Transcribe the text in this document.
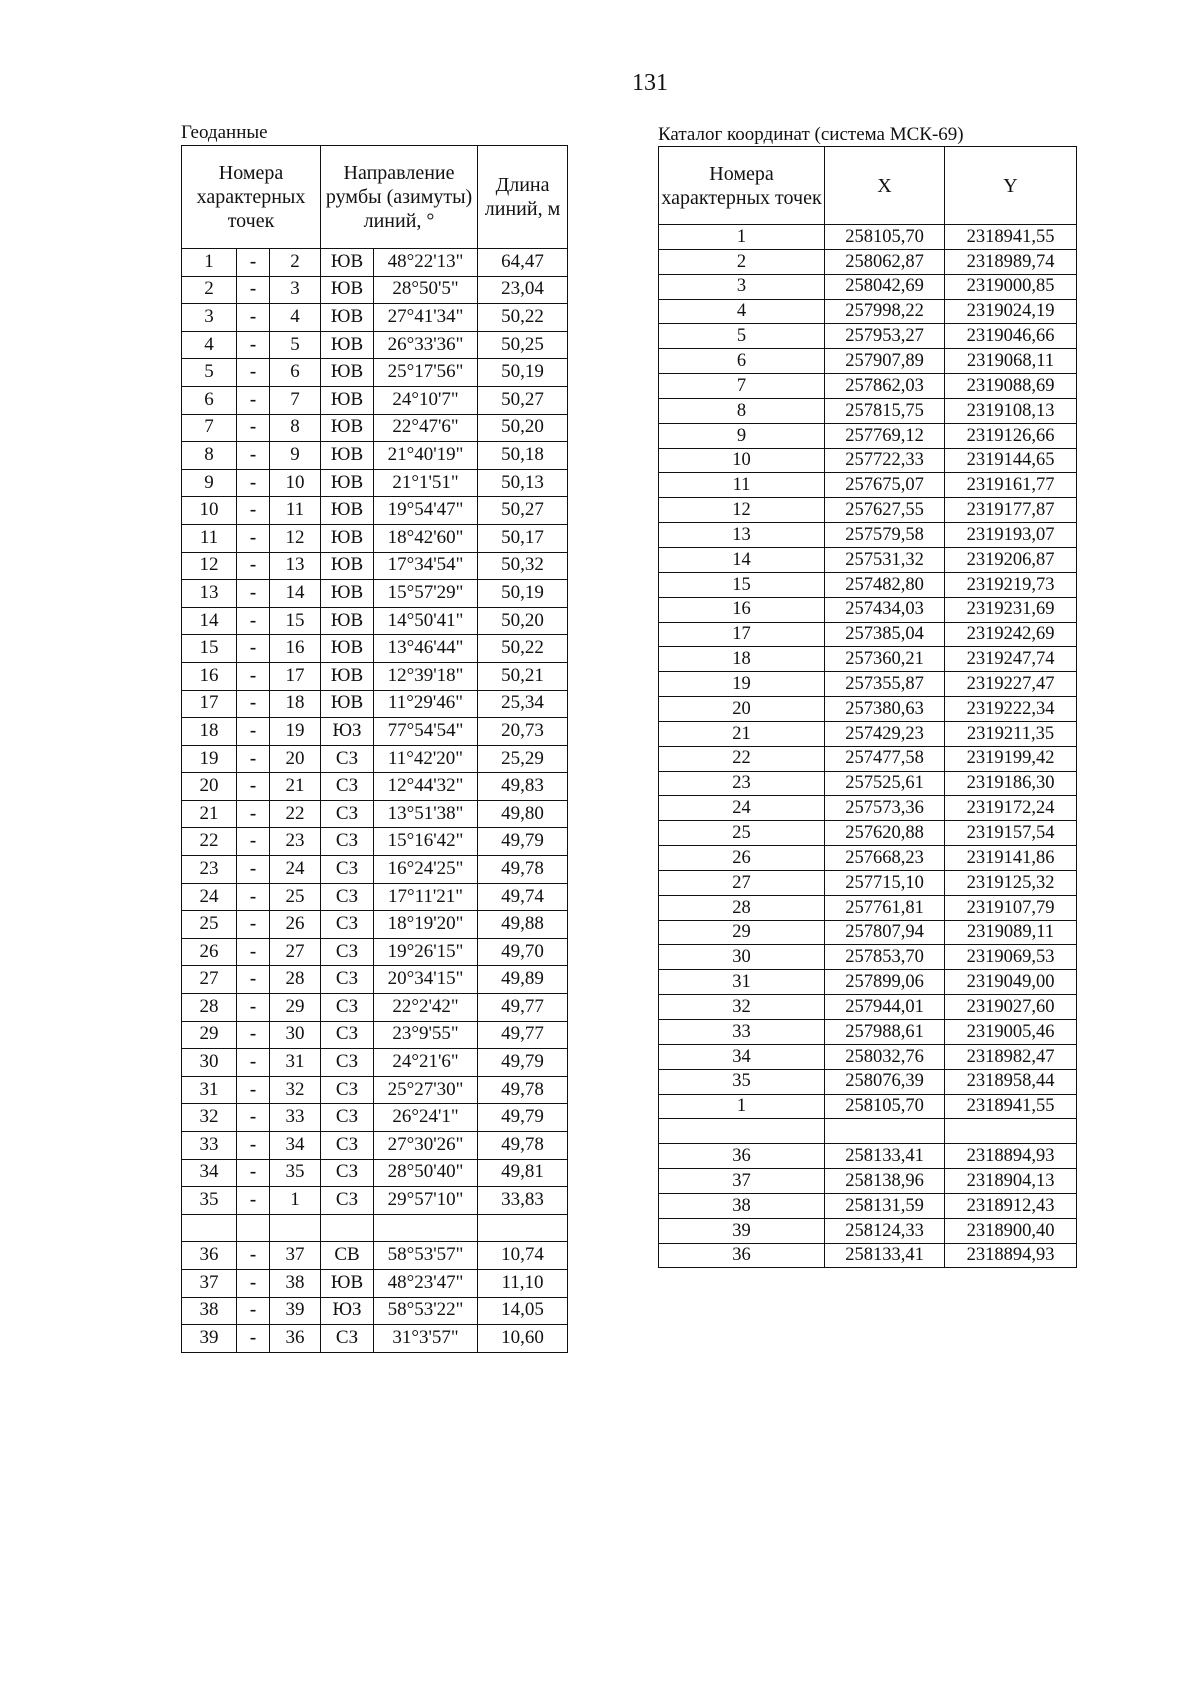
131
Геоданные
Номера характерных точек			Направление румбы (азимуты) линий, °		Длина линий, м
1	-	2	ЮВ	48°22'13"	64,47
2	-	3	ЮВ	28°50'5"	23,04
3	-	4	ЮВ	27°41'34"	50,22
4	-	5	ЮВ	26°33'36"	50,25
5	-	6	ЮВ	25°17'56"	50,19
6	-	7	ЮВ	24°10'7"	50,27
7	-	8	ЮВ	22°47'6"	50,20
8	-	9	ЮВ	21°40'19"	50,18
9	-	10	ЮВ	21°1'51"	50,13
10	-	11	ЮВ	19°54'47"	50,27
11	-	12	ЮВ	18°42'60"	50,17
12	-	13	ЮВ	17°34'54"	50,32
13	-	14	ЮВ	15°57'29"	50,19
14	-	15	ЮВ	14°50'41"	50,20
15	-	16	ЮВ	13°46'44"	50,22
16	-	17	ЮВ	12°39'18"	50,21
17	-	18	ЮВ	11°29'46"	25,34
18	-	19	ЮЗ	77°54'54"	20,73
19	-	20	СЗ	11°42'20"	25,29
20	-	21	СЗ	12°44'32"	49,83
21	-	22	СЗ	13°51'38"	49,80
22	-	23	СЗ	15°16'42"	49,79
23	-	24	СЗ	16°24'25"	49,78
24	-	25	СЗ	17°11'21"	49,74
25	-	26	СЗ	18°19'20"	49,88
26	-	27	СЗ	19°26'15"	49,70
27	-	28	СЗ	20°34'15"	49,89
28	-	29	СЗ	22°2'42"	49,77
29	-	30	СЗ	23°9'55"	49,77
30	-	31	СЗ	24°21'6"	49,79
31	-	32	СЗ	25°27'30"	49,78
32	-	33	СЗ	26°24'1"	49,79
33	-	34	СЗ	27°30'26"	49,78
34	-	35	СЗ	28°50'40"	49,81
35	-	1	СЗ	29°57'10"	33,83

36	-	37	СВ	58°53'57"	10,74
37	-	38	ЮВ	48°23'47"	11,10
38	-	39	ЮЗ	58°53'22"	14,05
39	-	36	СЗ	31°3'57"	10,60
Каталог координат (система МСК-69)
Номера характерных точек	X	Y
1	258105,70	2318941,55
2	258062,87	2318989,74
3	258042,69	2319000,85
4	257998,22	2319024,19
5	257953,27	2319046,66
6	257907,89	2319068,11
7	257862,03	2319088,69
8	257815,75	2319108,13
9	257769,12	2319126,66
10	257722,33	2319144,65
11	257675,07	2319161,77
12	257627,55	2319177,87
13	257579,58	2319193,07
14	257531,32	2319206,87
15	257482,80	2319219,73
16	257434,03	2319231,69
17	257385,04	2319242,69
18	257360,21	2319247,74
19	257355,87	2319227,47
20	257380,63	2319222,34
21	257429,23	2319211,35
22	257477,58	2319199,42
23	257525,61	2319186,30
24	257573,36	2319172,24
25	257620,88	2319157,54
26	257668,23	2319141,86
27	257715,10	2319125,32
28	257761,81	2319107,79
29	257807,94	2319089,11
30	257853,70	2319069,53
31	257899,06	2319049,00
32	257944,01	2319027,60
33	257988,61	2319005,46
34	258032,76	2318982,47
35	258076,39	2318958,44
1	258105,70	2318941,55

36	258133,41	2318894,93
37	258138,96	2318904,13
38	258131,59	2318912,43
39	258124,33	2318900,40
36	258133,41	2318894,93
